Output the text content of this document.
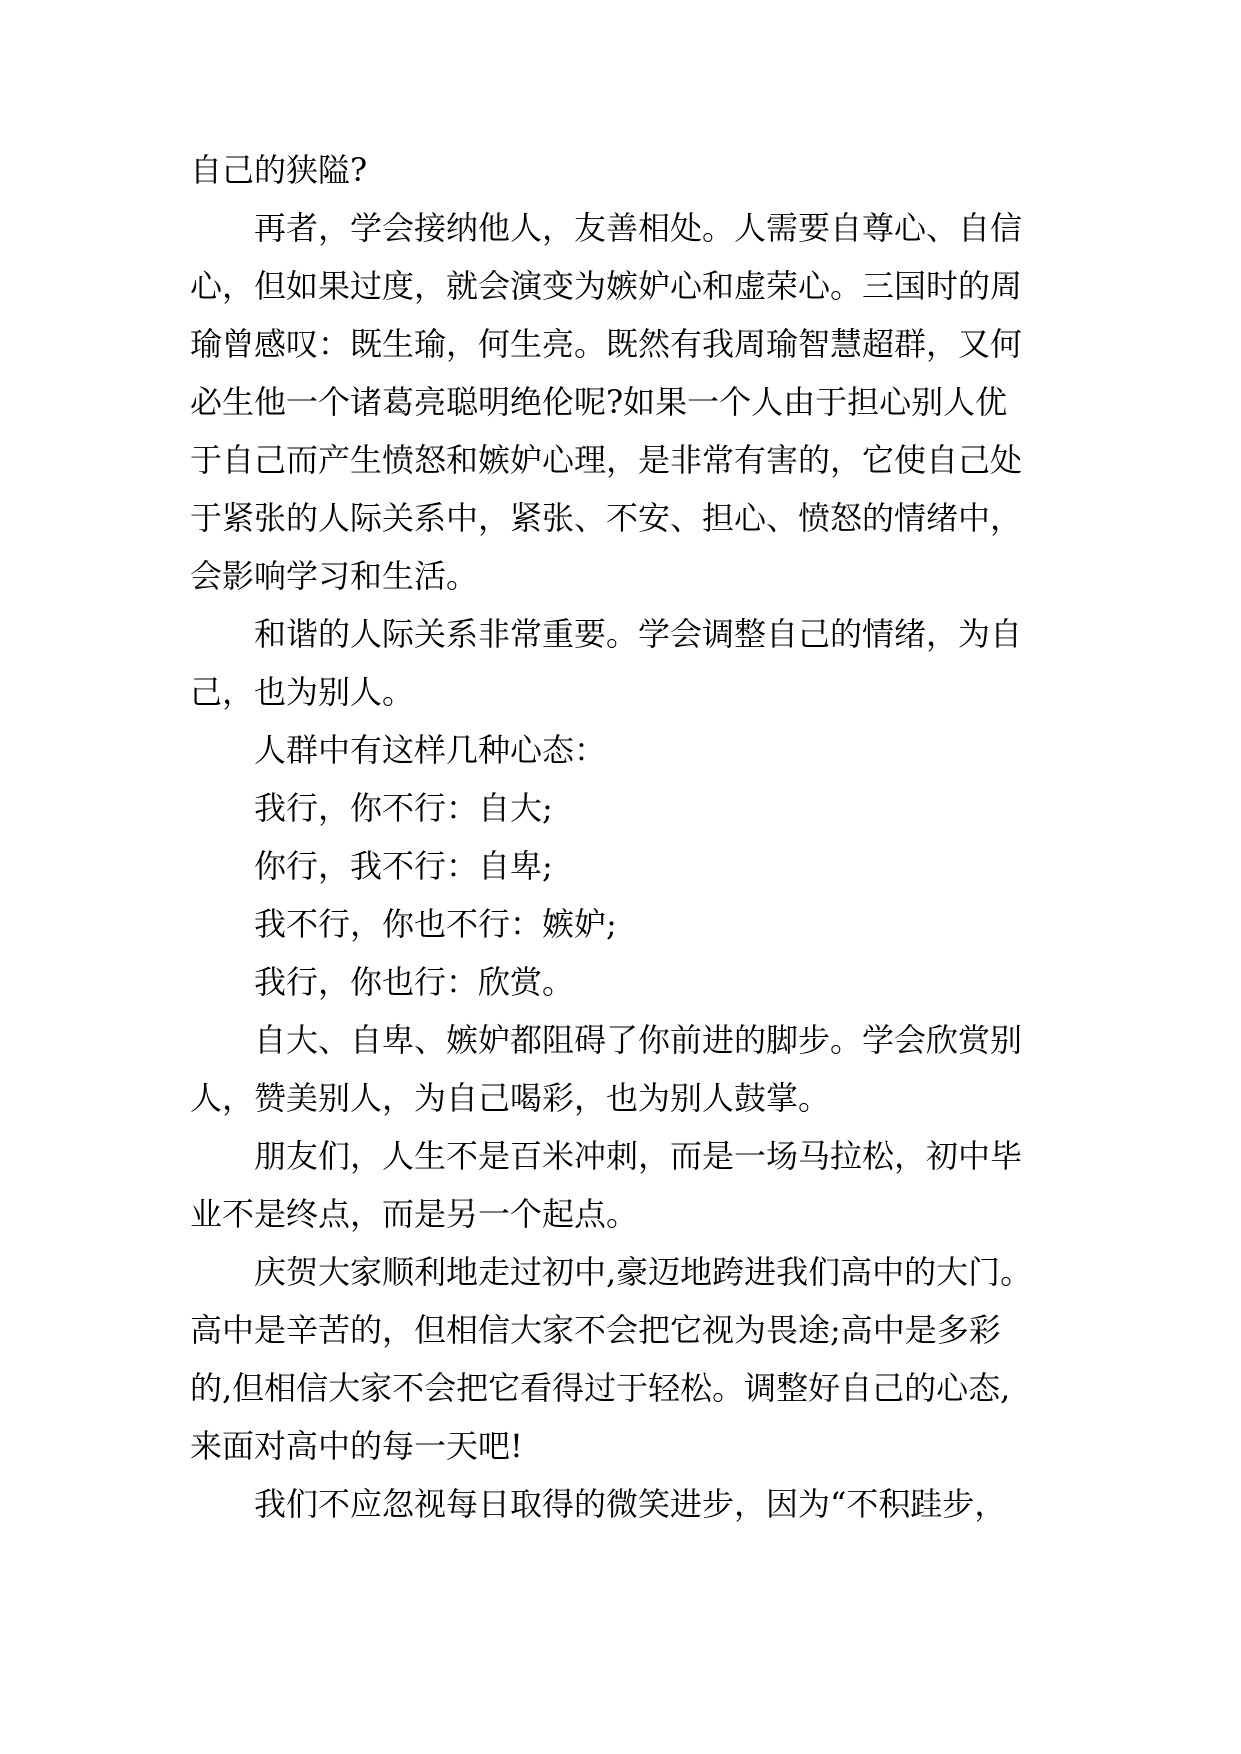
自己的狭隘?
再者，学会接纳他人，友善相处。人需要自尊心、自信
心，但如果过度，就会演变为嫉妒心和虚荣心。三国时的周
瑜曾感叹：既生瑜，何生亮。既然有我周瑜智慧超群，又何
必生他一个诸葛亮聪明绝伦呢?如果一个人由于担心别人优
于自己而产生愤怒和嫉妒心理，是非常有害的，它使自己处
于紧张的人际关系中，紧张、不安、担心、愤怒的情绪中，
会影响学习和生活。
和谐的人际关系非常重要。学会调整自己的情绪，为自
己，也为别人。
人群中有这样几种心态：
我行，你不行：自大;
你行，我不行：自卑;
我不行，你也不行：嫉妒;
我行，你也行：欣赏。
自大、自卑、嫉妒都阻碍了你前进的脚步。学会欣赏别
人，赞美别人，为自己喝彩，也为别人鼓掌。
朋友们，人生不是百米冲刺，而是一场马拉松，初中毕
业不是终点，而是另一个起点。
庆贺大家顺利地走过初中,豪迈地跨进我们高中的大门。
高中是辛苦的，但相信大家不会把它视为畏途;高中是多彩
的,但相信大家不会把它看得过于轻松。调整好自己的心态,
来面对高中的每一天吧!
我们不应忽视每日取得的微笑进步，因为“不积跬步，
